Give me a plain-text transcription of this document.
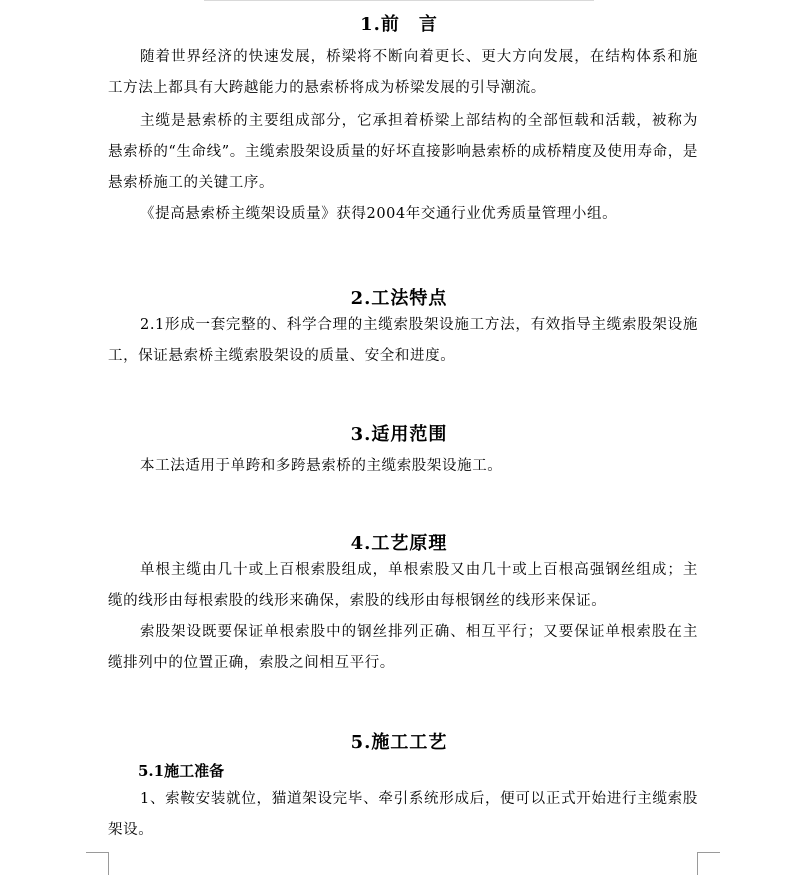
1.前　言

随着世界经济的快速发展，桥梁将不断向着更长、更大方向发展，在结构体系和施工方法上都具有大跨越能力的悬索桥将成为桥梁发展的引导潮流。

主缆是悬索桥的主要组成部分，它承担着桥梁上部结构的全部恒载和活载，被称为悬索桥的“生命线”。主缆索股架设质量的好坏直接影响悬索桥的成桥精度及使用寿命，是悬索桥施工的关键工序。

《提高悬索桥主缆架设质量》获得2004年交通行业优秀质量管理小组。

2.工法特点

2.1形成一套完整的、科学合理的主缆索股架设施工方法，有效指导主缆索股架设施工，保证悬索桥主缆索股架设的质量、安全和进度。

3.适用范围

本工法适用于单跨和多跨悬索桥的主缆索股架设施工。

4.工艺原理

单根主缆由几十或上百根索股组成，单根索股又由几十或上百根高强钢丝组成；主缆的线形由每根索股的线形来确保，索股的线形由每根钢丝的线形来保证。

索股架设既要保证单根索股中的钢丝排列正确、相互平行；又要保证单根索股在主缆排列中的位置正确，索股之间相互平行。

5.施工工艺
5.1施工准备

1、索鞍安装就位，猫道架设完毕、牵引系统形成后，便可以正式开始进行主缆索股架设。
